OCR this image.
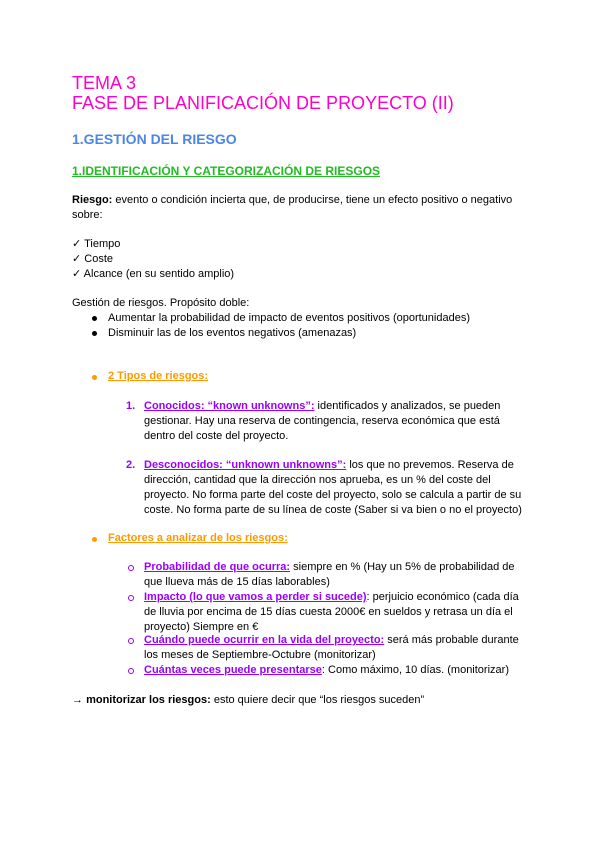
TEMA 3
FASE DE PLANIFICACIÓN DE PROYECTO (II)
1.GESTIÓN DEL RIESGO
1.IDENTIFICACIÓN Y CATEGORIZACIÓN DE RIESGOS
Riesgo: evento o condición incierta que, de producirse, tiene un efecto positivo o negativo
sobre:
✓ Tiempo
✓ Coste
✓ Alcance (en su sentido amplio)
Gestión de riesgos. Propósito doble:
Aumentar la probabilidad de impacto de eventos positivos (oportunidades)
Disminuir las de los eventos negativos (amenazas)
2 Tipos de riesgos:
1. Conocidos: “known unknowns”: identificados y analizados, se pueden
gestionar. Hay una reserva de contingencia, reserva económica que está
dentro del coste del proyecto.
2. Desconocidos: “unknown unknowns”: los que no prevemos. Reserva de
dirección, cantidad que la dirección nos aprueba, es un % del coste del
proyecto. No forma parte del coste del proyecto, solo se calcula a partir de su
coste. No forma parte de su línea de coste (Saber si va bien o no el proyecto)
Factores a analizar de los riesgos:
Probabilidad de que ocurra: siempre en % (Hay un 5% de probabilidad de
que llueva más de 15 días laborables)
Impacto (lo que vamos a perder si sucede): perjuicio económico (cada día
de lluvia por encima de 15 días cuesta 2000€ en sueldos y retrasa un día el
proyecto) Siempre en €
Cuándo puede ocurrir en la vida del proyecto: será más probable durante
los meses de Septiembre-Octubre (monitorizar)
Cuántas veces puede presentarse: Como máximo, 10 días. (monitorizar)
→ monitorizar los riesgos: esto quiere decir que “los riesgos suceden”
